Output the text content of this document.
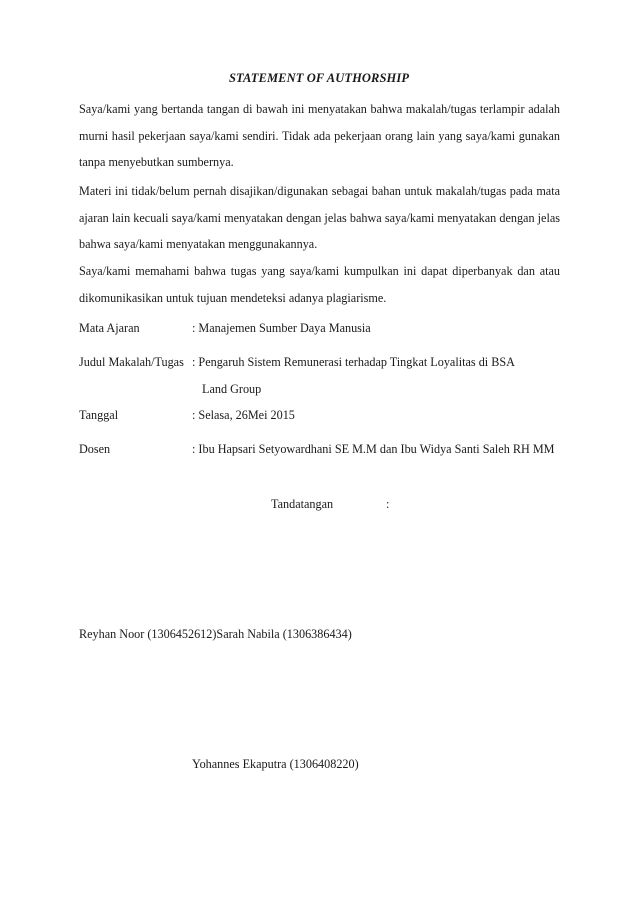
STATEMENT OF AUTHORSHIP
Saya/kami yang bertanda tangan di bawah ini menyatakan bahwa makalah/tugas terlampir adalah murni hasil pekerjaan saya/kami sendiri. Tidak ada pekerjaan orang lain yang saya/kami gunakan tanpa menyebutkan sumbernya.
Materi ini tidak/belum pernah disajikan/digunakan sebagai bahan untuk makalah/tugas pada mata ajaran lain kecuali saya/kami menyatakan dengan jelas bahwa saya/kami menyatakan dengan jelas bahwa saya/kami menyatakan menggunakannya.
Saya/kami memahami bahwa tugas yang saya/kami kumpulkan ini dapat diperbanyak dan atau dikomunikasikan untuk tujuan mendeteksi adanya plagiarisme.
Mata Ajaran	: Manajemen Sumber Daya Manusia
Judul Makalah/Tugas : Pengaruh Sistem Remunerasi terhadap Tingkat Loyalitas di BSA
Land Group
Tanggal	: Selasa, 26Mei 2015
Dosen	: Ibu Hapsari Setyowardhani SE M.M dan Ibu Widya Santi Saleh RH MM
Tandatangan	:
Reyhan Noor (1306452612)Sarah Nabila (1306386434)
Yohannes Ekaputra (1306408220)
